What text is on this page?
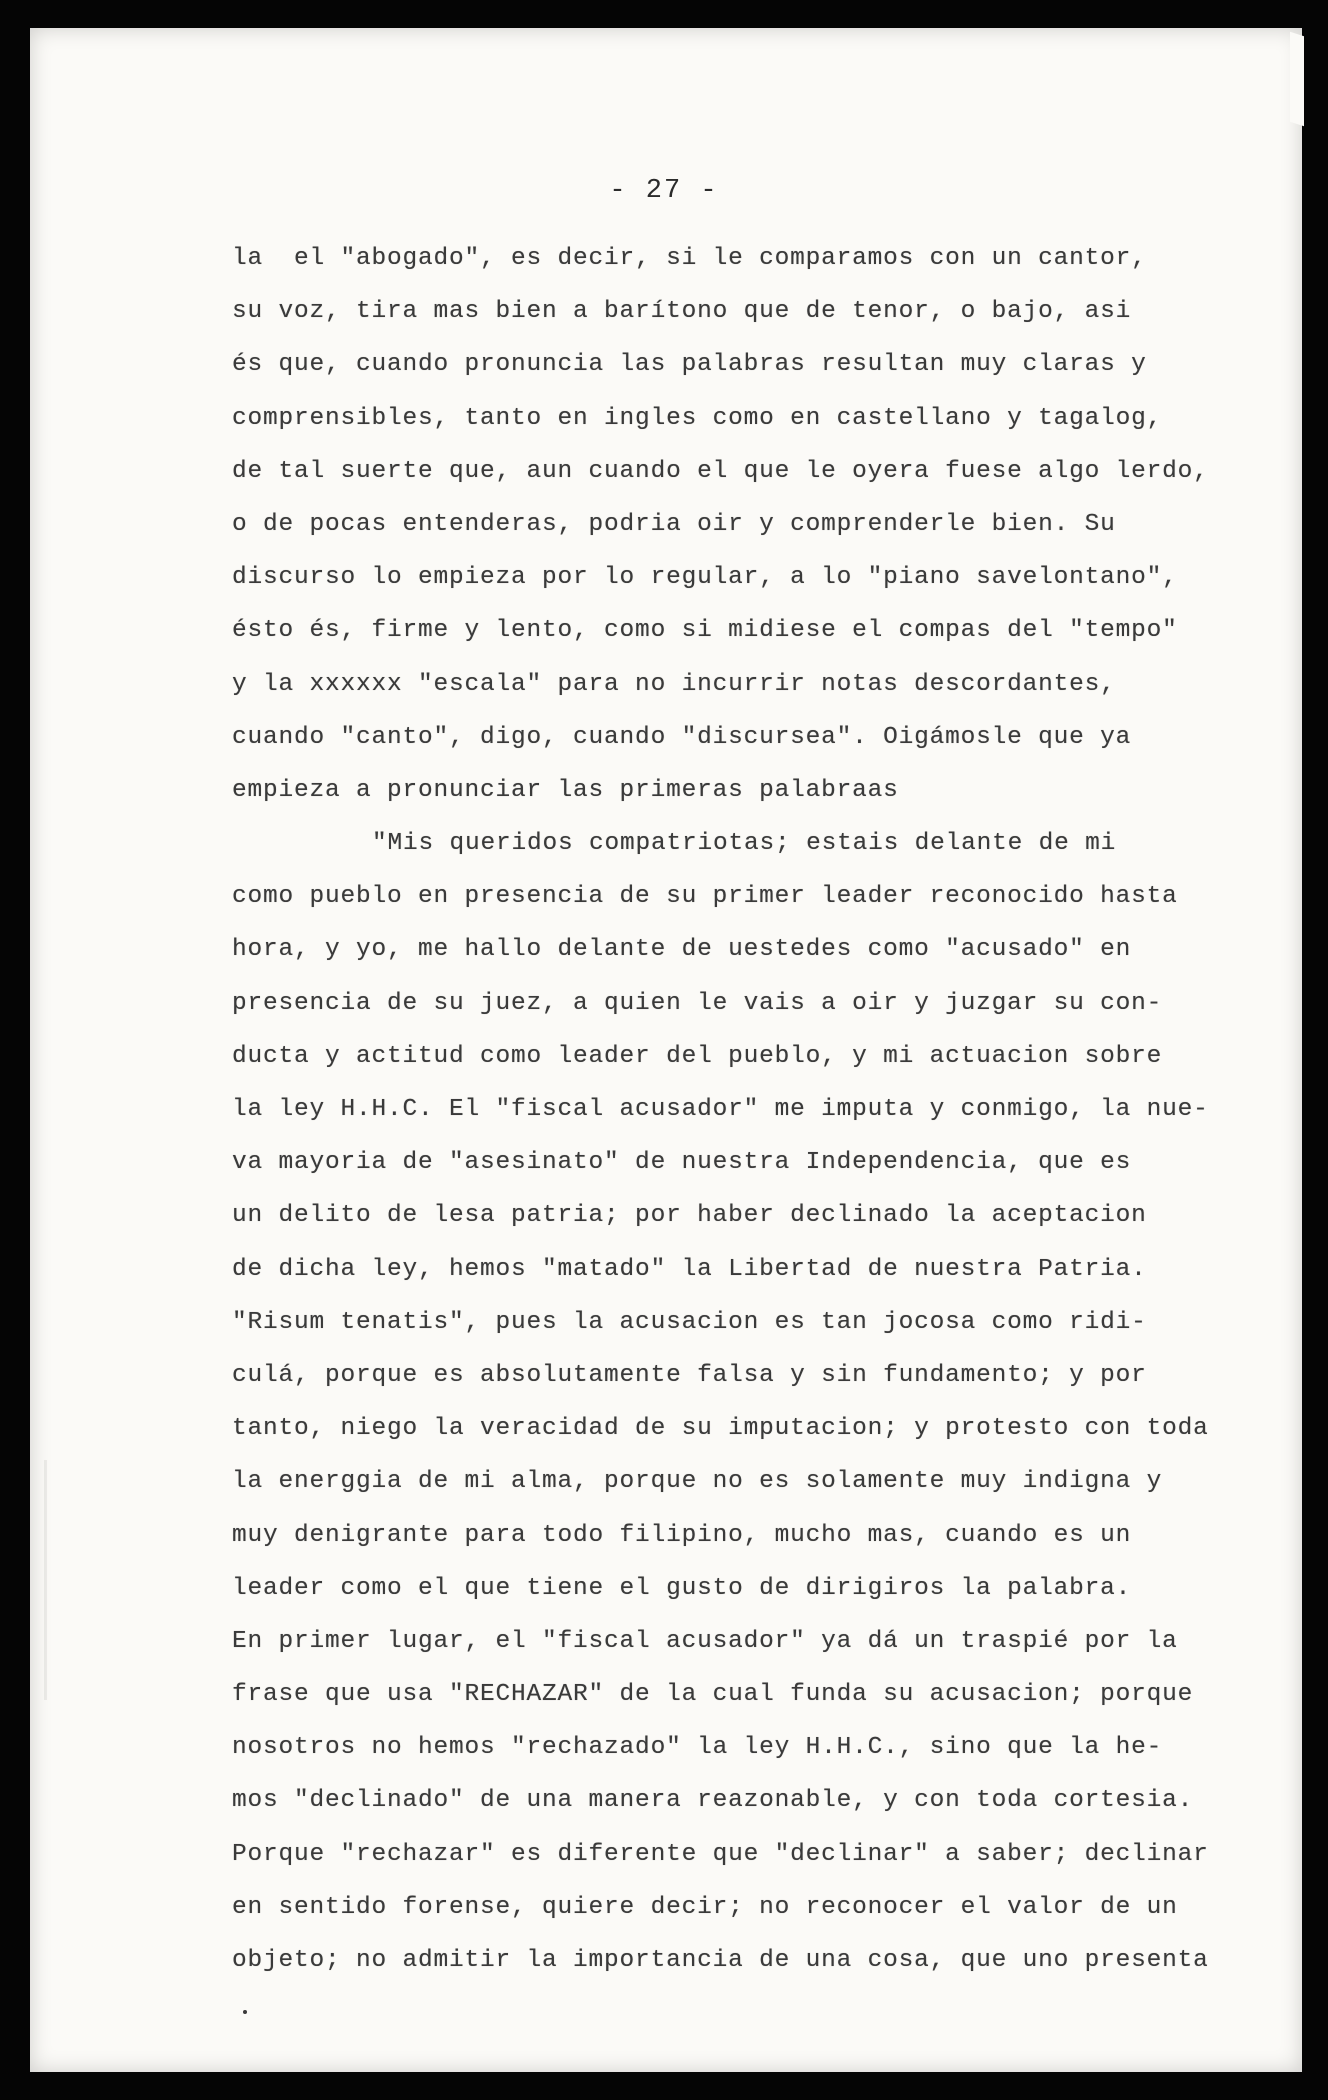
- 27 -
la  el "abogado", es decir, si le comparamos con un cantor,
su voz, tira mas bien a barítono que de tenor, o bajo, asi
és que, cuando pronuncia las palabras resultan muy claras y
comprensibles, tanto en ingles como en castellano y tagalog,
de tal suerte que, aun cuando el que le oyera fuese algo lerdo,
o de pocas entenderas, podria oir y comprenderle bien. Su
discurso lo empieza por lo regular, a lo "piano savelontano",
ésto és, firme y lento, como si midiese el compas del "tempo"
y la xxxxxx "escala" para no incurrir notas descordantes,
cuando "canto", digo, cuando "discursea". Oigámosle que ya
empieza a pronunciar las primeras palabraas
"Mis queridos compatriotas; estais delante de mi
como pueblo en presencia de su primer leader reconocido hasta
hora, y yo, me hallo delante de uestedes como "acusado" en
presencia de su juez, a quien le vais a oir y juzgar su con-
ducta y actitud como leader del pueblo, y mi actuacion sobre
la ley H.H.C. El "fiscal acusador" me imputa y conmigo, la nue-
va mayoria de "asesinato" de nuestra Independencia, que es
un delito de lesa patria; por haber declinado la aceptacion
de dicha ley, hemos "matado" la Libertad de nuestra Patria.
"Risum tenatis", pues la acusacion es tan jocosa como ridi-
culá, porque es absolutamente falsa y sin fundamento; y por
tanto, niego la veracidad de su imputacion; y protesto con toda
la energgia de mi alma, porque no es solamente muy indigna y
muy denigrante para todo filipino, mucho mas, cuando es un
leader como el que tiene el gusto de dirigiros la palabra.
En primer lugar, el "fiscal acusador" ya dá un traspié por la
frase que usa "RECHAZAR" de la cual funda su acusacion; porque
nosotros no hemos "rechazado" la ley H.H.C., sino que la he-
mos "declinado" de una manera reazonable, y con toda cortesia.
Porque "rechazar" es diferente que "declinar" a saber; declinar
en sentido forense, quiere decir; no reconocer el valor de un
objeto; no admitir la importancia de una cosa, que uno presenta
